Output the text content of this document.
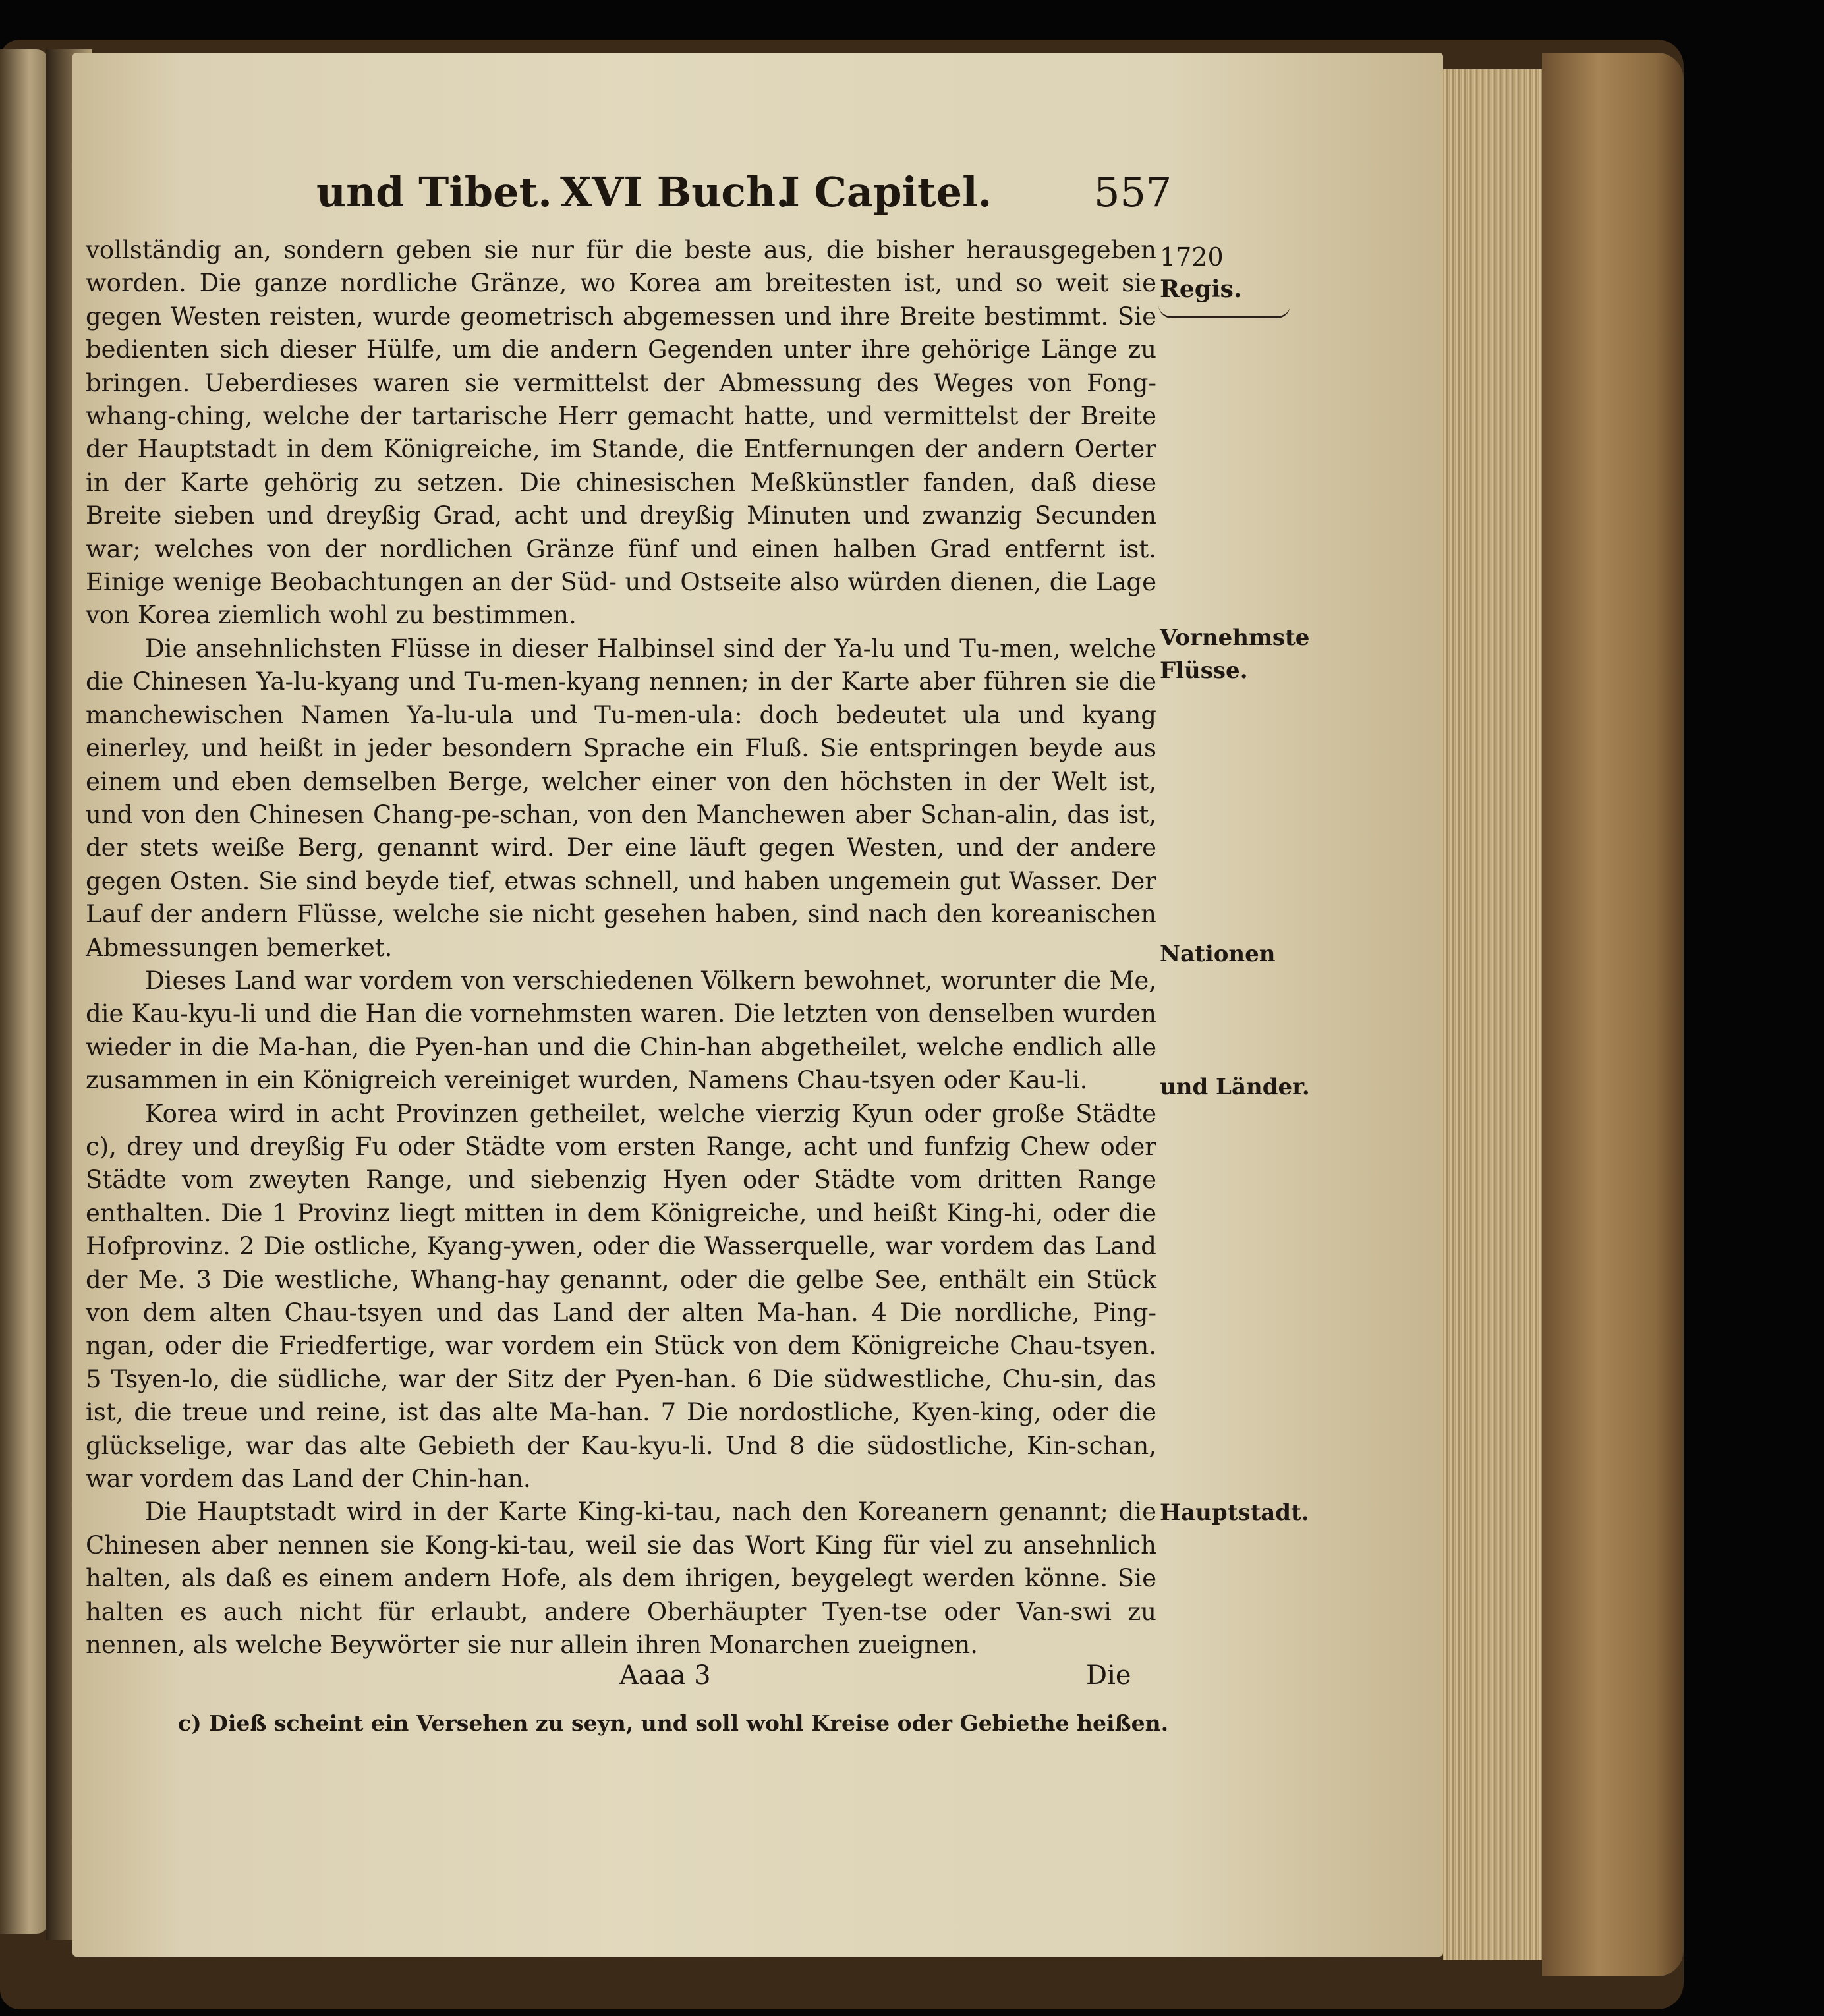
und Tibet. XVI Buch.
I Capitel. 557
1720
Regis.
Vornehmste
Flüsse.
Nationen
und Länder.
Hauptstadt.

vollständig an, sondern geben sie nur für die beste aus, die bisher herausgegeben worden. Die ganze nordliche Gränze, wo Korea am breitesten ist, und so weit sie gegen Westen reisten, wurde geometrisch abgemessen und ihre Breite bestimmt. Sie bedienten sich dieser Hülfe, um die andern Gegenden unter ihre gehörige Länge zu bringen. Ueberdieses waren sie vermittelst der Abmessung des Weges von Fong-whang-ching, welche der tartarische Herr gemacht hatte, und vermittelst der Breite der Hauptstadt in dem Königreiche, im Stande, die Entfernungen der andern Oerter in der Karte gehörig zu setzen. Die chinesischen Meßkünstler fanden, daß diese Breite sieben und dreyßig Grad, acht und dreyßig Minuten und zwanzig Secunden war; welches von der nordlichen Gränze fünf und einen halben Grad entfernt ist. Einige wenige Beobachtungen an der Süd- und Ostseite also würden dienen, die Lage von Korea ziemlich wohl zu bestimmen.

Die ansehnlichsten Flüsse in dieser Halbinsel sind der Ya-lu und Tu-men, welche die Chinesen Ya-lu-kyang und Tu-men-kyang nennen; in der Karte aber führen sie die manchewischen Namen Ya-lu-ula und Tu-men-ula: doch bedeutet ula und kyang einerley, und heißt in jeder besondern Sprache ein Fluß. Sie entspringen beyde aus einem und eben demselben Berge, welcher einer von den höchsten in der Welt ist, und von den Chinesen Chang-pe-schan, von den Manchewen aber Schan-alin, das ist, der stets weiße Berg, genannt wird. Der eine läuft gegen Westen, und der andere gegen Osten. Sie sind beyde tief, etwas schnell, und haben ungemein gut Wasser. Der Lauf der andern Flüsse, welche sie nicht gesehen haben, sind nach den koreanischen Abmessungen bemerket.

Dieses Land war vordem von verschiedenen Völkern bewohnet, worunter die Me, die Kau-kyu-li und die Han die vornehmsten waren. Die letzten von denselben wurden wieder in die Ma-han, die Pyen-han und die Chin-han abgetheilet, welche endlich alle zusammen in ein Königreich vereiniget wurden, Namens Chau-tsyen oder Kau-li.

Korea wird in acht Provinzen getheilet, welche vierzig Kyun oder große Städte c), drey und dreyßig Fu oder Städte vom ersten Range, acht und funfzig Chew oder Städte vom zweyten Range, und siebenzig Hyen oder Städte vom dritten Range enthalten. Die 1 Provinz liegt mitten in dem Königreiche, und heißt King-hi, oder die Hofprovinz. 2 Die ostliche, Kyang-ywen, oder die Wasserquelle, war vordem das Land der Me. 3 Die westliche, Whang-hay genannt, oder die gelbe See, enthält ein Stück von dem alten Chau-tsyen und das Land der alten Ma-han. 4 Die nordliche, Ping-ngan, oder die Friedfertige, war vordem ein Stück von dem Königreiche Chau-tsyen. 5 Tsyen-lo, die südliche, war der Sitz der Pyen-han. 6 Die südwestliche, Chu-sin, das ist, die treue und reine, ist das alte Ma-han. 7 Die nordostliche, Kyen-king, oder die glückselige, war das alte Gebieth der Kau-kyu-li. Und 8 die südostliche, Kin-schan, war vordem das Land der Chin-han.

Die Hauptstadt wird in der Karte King-ki-tau, nach den Koreanern genannt; die Chinesen aber nennen sie Kong-ki-tau, weil sie das Wort King für viel zu ansehnlich halten, als daß es einem andern Hofe, als dem ihrigen, beygelegt werden könne. Sie halten es auch nicht für erlaubt, andere Oberhäupter Tyen-tse oder Van-swi zu nennen, als welche Beywörter sie nur allein ihren Monarchen zueignen.

Aaaa 3	Die
c) Dieß scheint ein Versehen zu seyn, und soll wohl Kreise oder Gebiethe heißen.
